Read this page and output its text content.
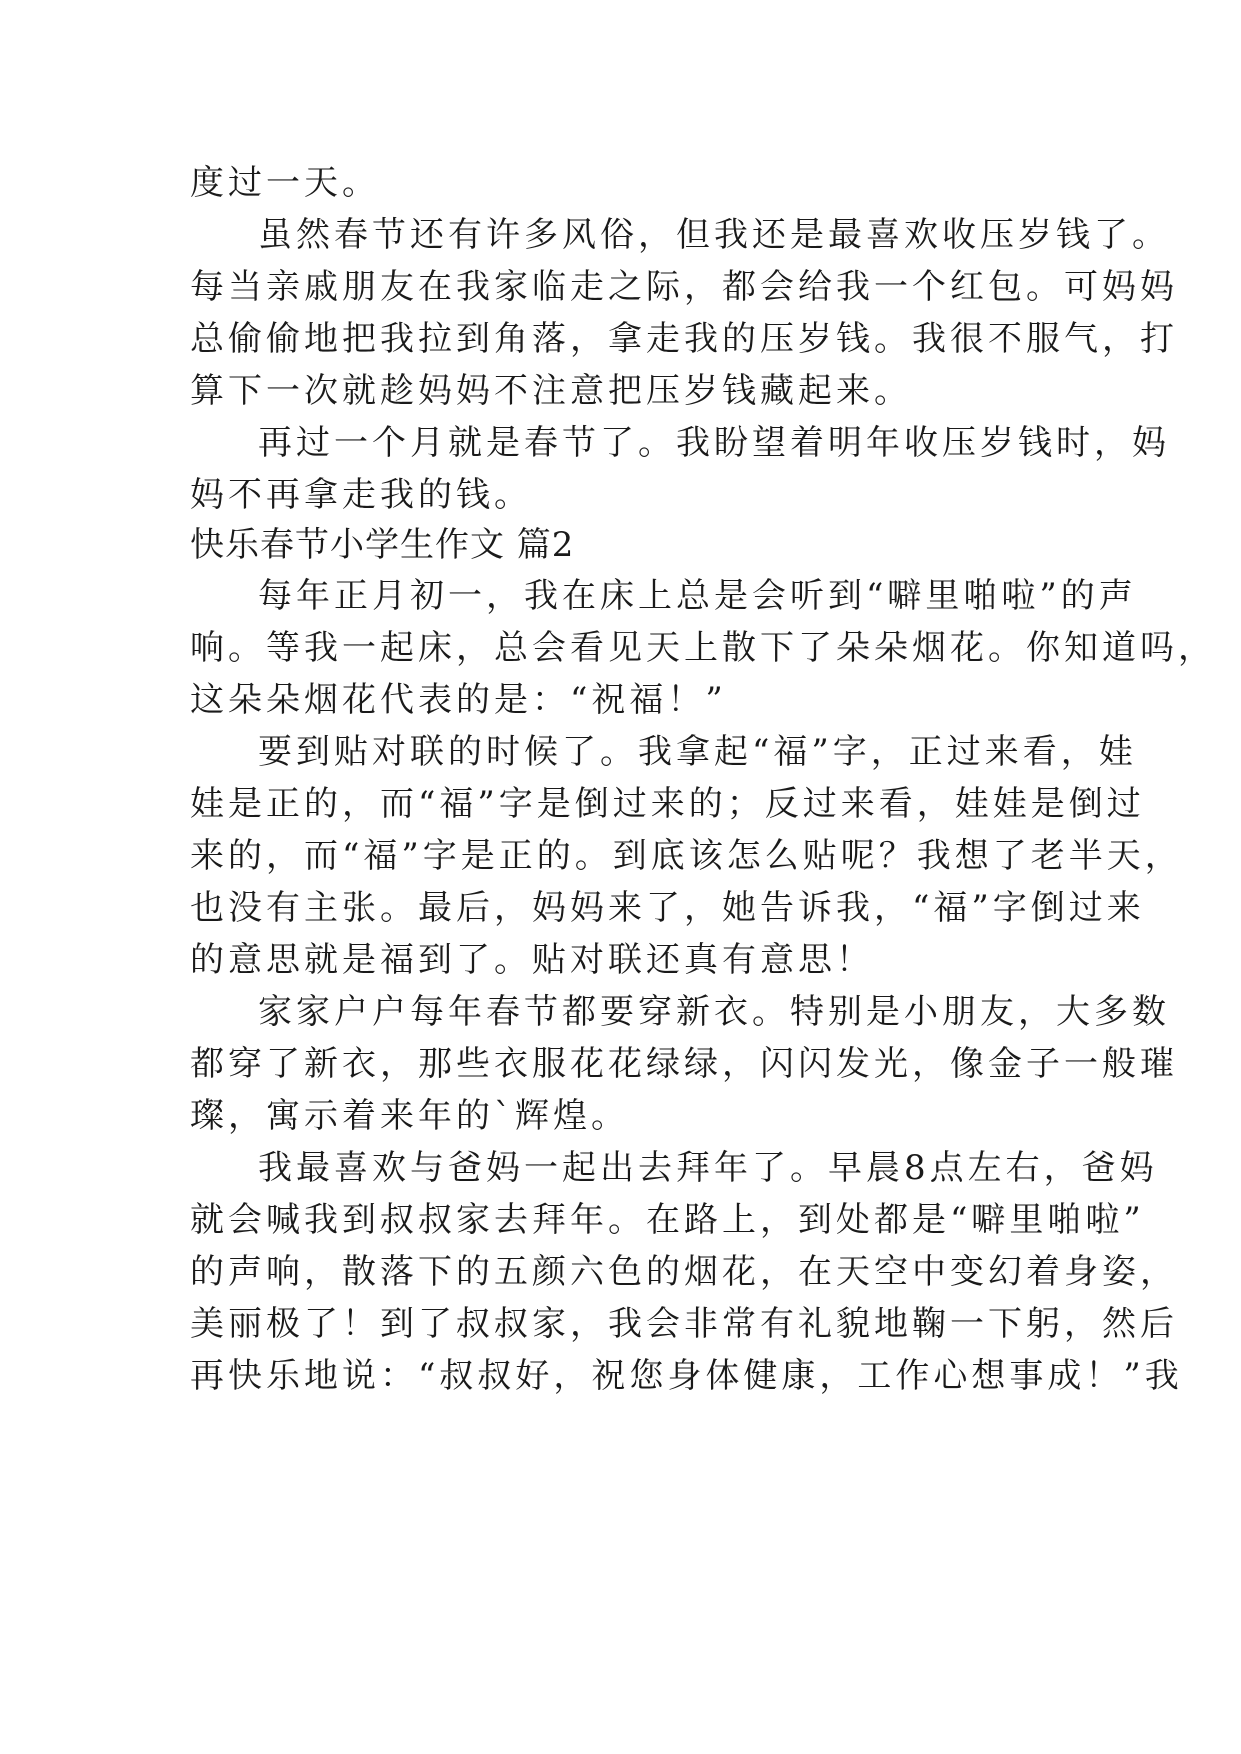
度过一天。
虽然春节还有许多风俗，但我还是最喜欢收压岁钱了。
每当亲戚朋友在我家临走之际，都会给我一个红包。可妈妈
总偷偷地把我拉到角落，拿走我的压岁钱。我很不服气，打
算下一次就趁妈妈不注意把压岁钱藏起来。
再过一个月就是春节了。我盼望着明年收压岁钱时，妈
妈不再拿走我的钱。
快乐春节小学生作文 篇2
每年正月初一，我在床上总是会听到“噼里啪啦”的声
响。等我一起床，总会看见天上散下了朵朵烟花。你知道吗，
这朵朵烟花代表的是：“祝福！”
要到贴对联的时候了。我拿起“福”字，正过来看，娃
娃是正的，而“福”字是倒过来的；反过来看，娃娃是倒过
来的，而“福”字是正的。到底该怎么贴呢？我想了老半天，
也没有主张。最后，妈妈来了，她告诉我，“福”字倒过来
的意思就是福到了。贴对联还真有意思！
家家户户每年春节都要穿新衣。特别是小朋友，大多数
都穿了新衣，那些衣服花花绿绿，闪闪发光，像金子一般璀
璨，寓示着来年的`辉煌。
我最喜欢与爸妈一起出去拜年了。早晨8点左右，爸妈
就会喊我到叔叔家去拜年。在路上，到处都是“噼里啪啦”
的声响，散落下的五颜六色的烟花，在天空中变幻着身姿，
美丽极了！到了叔叔家，我会非常有礼貌地鞠一下躬，然后
再快乐地说：“叔叔好，祝您身体健康，工作心想事成！”我
